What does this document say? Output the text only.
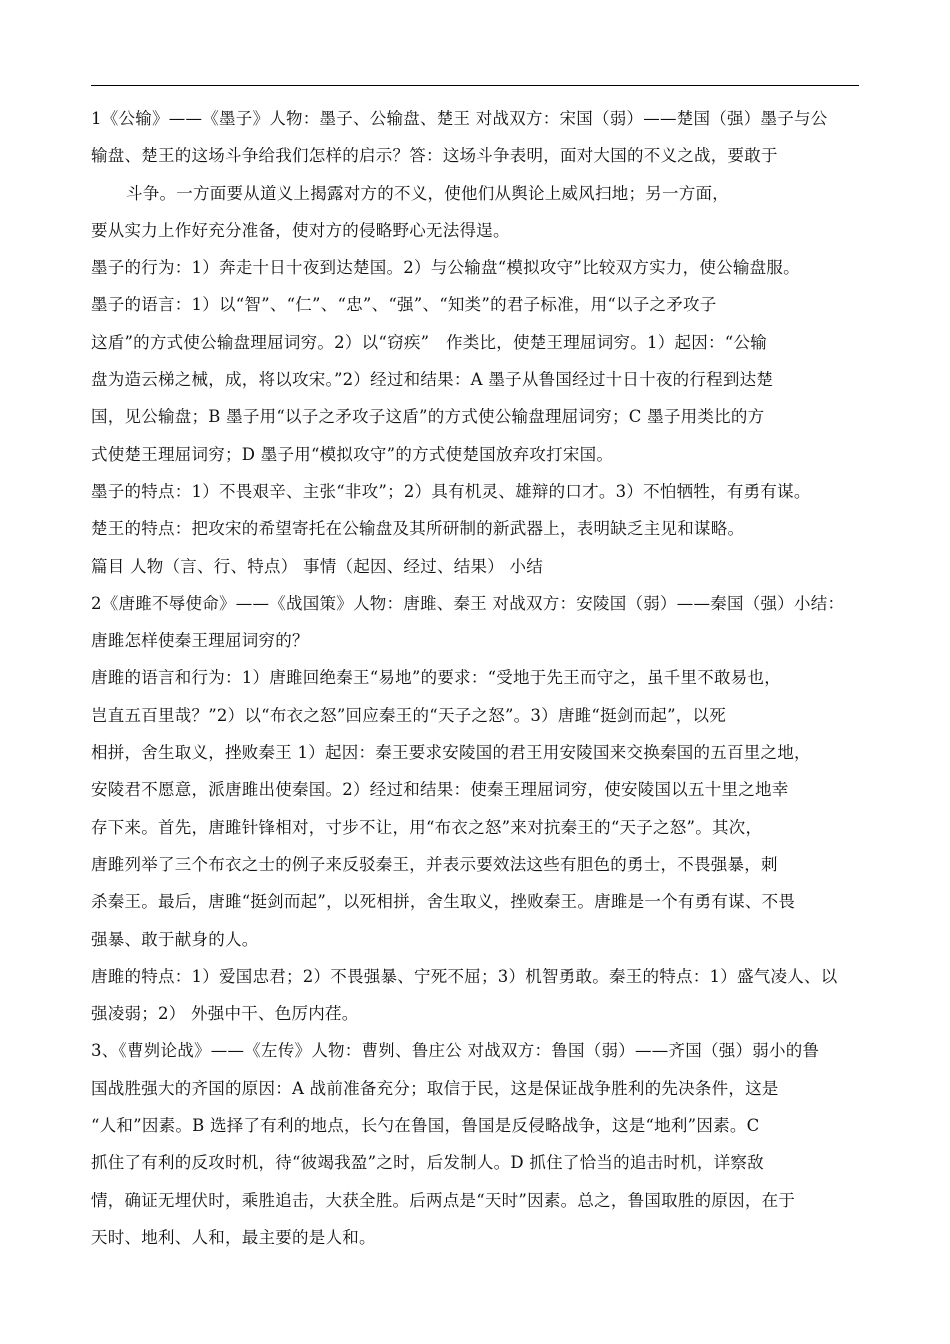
1《公输》——《墨子》人物：墨子、公输盘、楚王 对战双方：宋国（弱）——楚国（强）墨子与公
输盘、楚王的这场斗争给我们怎样的启示？答：这场斗争表明，面对大国的不义之战，要敢于
斗争。一方面要从道义上揭露对方的不义，使他们从舆论上威风扫地；另一方面，
要从实力上作好充分准备，使对方的侵略野心无法得逞。
墨子的行为：1）奔走十日十夜到达楚国。2）与公输盘“模拟攻守”比较双方实力，使公输盘服。
墨子的语言：1）以“智”、“仁”、“忠”、“强”、“知类”的君子标准，用“以子之矛攻子
这盾”的方式使公输盘理屈词穷。2）以“窃疾”　作类比，使楚王理屈词穷。1）起因：“公输
盘为造云梯之械，成，将以攻宋。”2）经过和结果：A 墨子从鲁国经过十日十夜的行程到达楚
国，见公输盘；B 墨子用“以子之矛攻子这盾”的方式使公输盘理屈词穷；C 墨子用类比的方
式使楚王理屈词穷；D 墨子用“模拟攻守”的方式使楚国放弃攻打宋国。
墨子的特点：1）不畏艰辛、主张“非攻”；2）具有机灵、雄辩的口才。3）不怕牺牲，有勇有谋。
楚王的特点：把攻宋的希望寄托在公输盘及其所研制的新武器上，表明缺乏主见和谋略。
篇目 人物（言、行、特点） 事情（起因、经过、结果） 小结
2《唐雎不辱使命》——《战国策》人物：唐雎、秦王 对战双方：安陵国（弱）——秦国（强）小结：
唐雎怎样使秦王理屈词穷的？
唐雎的语言和行为：1）唐雎回绝秦王“易地”的要求：“受地于先王而守之，虽千里不敢易也，
岂直五百里哉？”2）以“布衣之怒”回应秦王的“天子之怒”。3）唐雎“挺剑而起”，以死
相拼，舍生取义，挫败秦王 1）起因：秦王要求安陵国的君王用安陵国来交换秦国的五百里之地，
安陵君不愿意，派唐雎出使秦国。2）经过和结果：使秦王理屈词穷，使安陵国以五十里之地幸
存下来。首先，唐雎针锋相对，寸步不让，用“布衣之怒”来对抗秦王的“天子之怒”。其次，
唐雎列举了三个布衣之士的例子来反驳秦王，并表示要效法这些有胆色的勇士，不畏强暴，刺
杀秦王。最后，唐雎“挺剑而起”，以死相拼，舍生取义，挫败秦王。唐雎是一个有勇有谋、不畏
强暴、敢于献身的人。
唐雎的特点：1）爱国忠君；2）不畏强暴、宁死不屈；3）机智勇敢。秦王的特点：1）盛气凌人、以
强凌弱；2） 外强中干、色厉内荏。
3、《曹刿论战》——《左传》人物：曹刿、鲁庄公 对战双方：鲁国（弱）——齐国（强）弱小的鲁
国战胜强大的齐国的原因：A 战前准备充分；取信于民，这是保证战争胜利的先决条件，这是
“人和”因素。B 选择了有利的地点，长勺在鲁国，鲁国是反侵略战争，这是“地利”因素。C
抓住了有利的反攻时机，待“彼竭我盈”之时，后发制人。D 抓住了恰当的追击时机，详察敌
情，确证无埋伏时，乘胜追击，大获全胜。后两点是“天时”因素。总之，鲁国取胜的原因，在于
天时、地利、人和，最主要的是人和。
